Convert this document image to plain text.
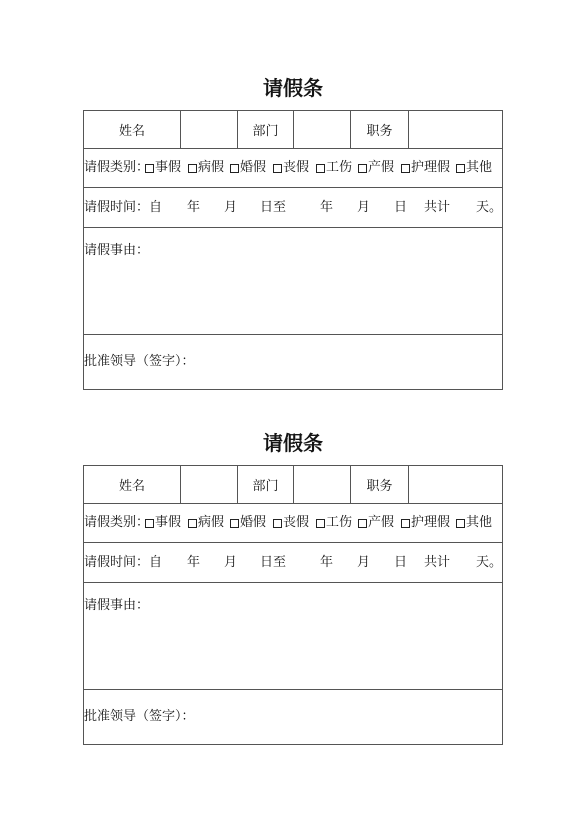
请假条
姓名	部门	职务
请假类别： 事假 病假 婚假 丧假 工伤 产假 护理假 其他
请假时间：自 年 月 日至	年 月 日 共计 天。
请假事由：
批准领导（签字）：
请假条
姓名	部门	职务
请假类别： 事假 病假 婚假 丧假 工伤 产假 护理假 其他
请假时间：自 年 月 日至	年 月 日 共计 天。
请假事由：
批准领导（签字）：
